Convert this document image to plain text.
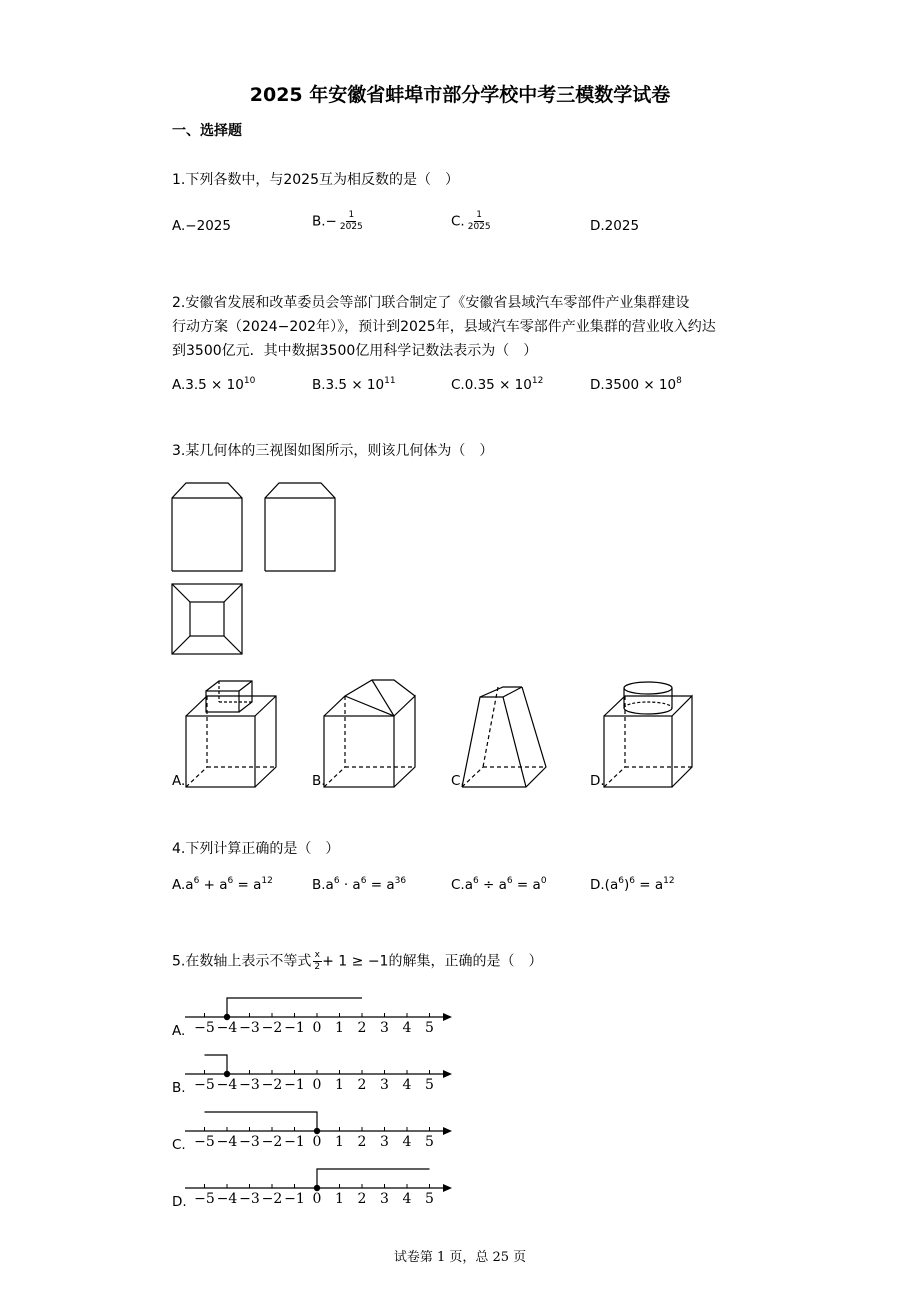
2025 年安徽省蚌埠市部分学校中考三模数学试卷
一、选择题
1.下列各数中，与2025互为相反数的是（　）
A.−2025	$B.- \frac{1}{2025}$	C. $\frac{1}{2025}$	D.2025
2.安徽省发展和改革委员会等部门联合制定了《安徽省县域汽车零部件产业集群建设
行动方案（2024−202年）》，预计到2025年，县域汽车零部件产业集群的营业收入约达
到3500亿元．其中数据3500亿用科学记数法表示为（　）
$A.3.5 \times 10^{10}$	$B.3.5 \times 10^{11}$	$C.0.35 \times 10^{12}$	$D.3500 \times 10^8$
3.某几何体的三视图如图所示，则该几何体为（　）
A.	B.	C.	D.
4.下列计算正确的是（　）
$A.a^6 + a^6 = a^{12}$	$B.a^6 \cdot a^6 = a^{36}$	$C.a^6 \div a^6 = a^0$	$D.(a^6)^6 = a^{12}$
5.在数轴上表示不等式 $\frac{x}{2} + 1 \ge -1$的解集，正确的是（　）
A. −5 −4 −3 −2 −1 0 1 2 3 4 5
B. −5 −4 −3 −2 −1 0 1 2 3 4 5
C. −5 −4 −3 −2 −1 0 1 2 3 4 5
D. −5 −4 −3 −2 −1 0 1 2 3 4 5
试卷第 1 页，总 25 页
